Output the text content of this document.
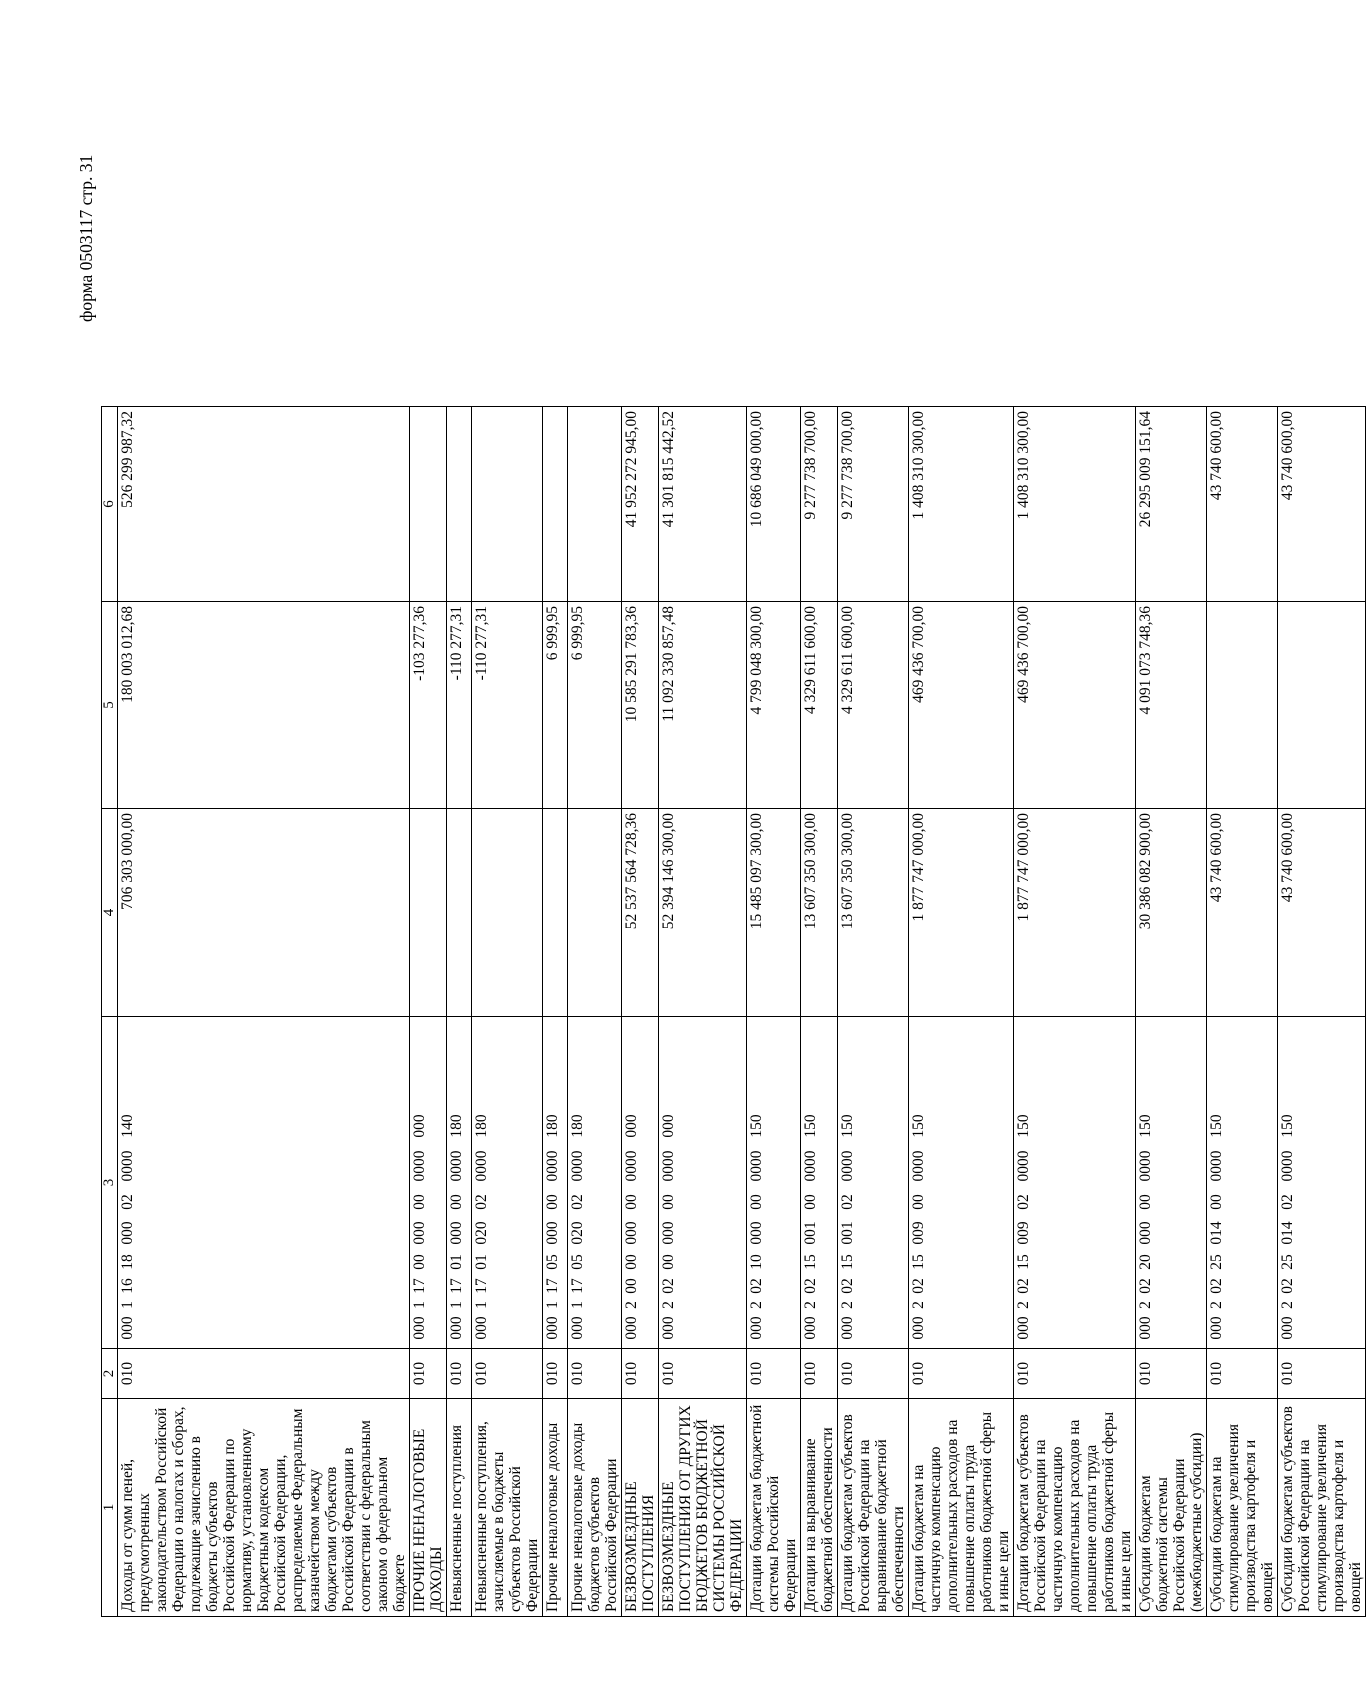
форма 0503117 стр. 31
1	2	3	4	5	6
Доходы от сумм пеней, предусмотренных законодательством Российской Федерации о налогах и сборах, подлежащие зачислению в бюджеты субъектов Российской Федерации по нормативу, установленному Бюджетным кодексом Российской Федерации, распределяемые Федеральным казначейством между бюджетами субъектов Российской Федерации в соответствии с федеральным законом о федеральном бюджете	010	00011618000020000140	706 303 000,00	180 003 012,68	526 299 987,32
ПРОЧИЕ НЕНАЛОГОВЫЕ ДОХОДЫ	010	00011700000000000000		-103 277,36	
Невыясненные поступления	010	00011701000000000180		-110 277,31	
Невыясненные поступления, зачисляемые в бюджеты субъектов Российской Федерации	010	00011701020020000180		-110 277,31	
Прочие неналоговые доходы	010	00011705000000000180		6 999,95	
Прочие неналоговые доходы бюджетов субъектов Российской Федерации	010	00011705020020000180		6 999,95	
БЕЗВОЗМЕЗДНЫЕ ПОСТУПЛЕНИЯ	010	00020000000000000000	52 537 564 728,36	10 585 291 783,36	41 952 272 945,00
БЕЗВОЗМЕЗДНЫЕ ПОСТУПЛЕНИЯ ОТ ДРУГИХ БЮДЖЕТОВ БЮДЖЕТНОЙ СИСТЕМЫ РОССИЙСКОЙ ФЕДЕРАЦИИ	010	00020200000000000000	52 394 146 300,00	11 092 330 857,48	41 301 815 442,52
Дотации бюджетам бюджетной системы Российской Федерации	010	00020210000000000150	15 485 097 300,00	4 799 048 300,00	10 686 049 000,00
Дотации на выравнивание бюджетной обеспеченности	010	00020215001000000150	13 607 350 300,00	4 329 611 600,00	9 277 738 700,00
Дотации бюджетам субъектов Российской Федерации на выравнивание бюджетной обеспеченности	010	00020215001020000150	13 607 350 300,00	4 329 611 600,00	9 277 738 700,00
Дотации бюджетам на частичную компенсацию дополнительных расходов на повышение оплаты труда работников бюджетной сферы и иные цели	010	00020215009000000150	1 877 747 000,00	469 436 700,00	1 408 310 300,00
Дотации бюджетам субъектов Российской Федерации на частичную компенсацию дополнительных расходов на повышение оплаты труда работников бюджетной сферы и иные цели	010	00020215009020000150	1 877 747 000,00	469 436 700,00	1 408 310 300,00
Субсидии бюджетам бюджетной системы Российской Федерации (межбюджетные субсидии)	010	00020220000000000150	30 386 082 900,00	4 091 073 748,36	26 295 009 151,64
Субсидии бюджетам на стимулирование увеличения производства картофеля и овощей	010	00020225014000000150	43 740 600,00		43 740 600,00
Субсидии бюджетам субъектов Российской Федерации на стимулирование увеличения производства картофеля и овощей	010	00020225014020000150	43 740 600,00		43 740 600,00
